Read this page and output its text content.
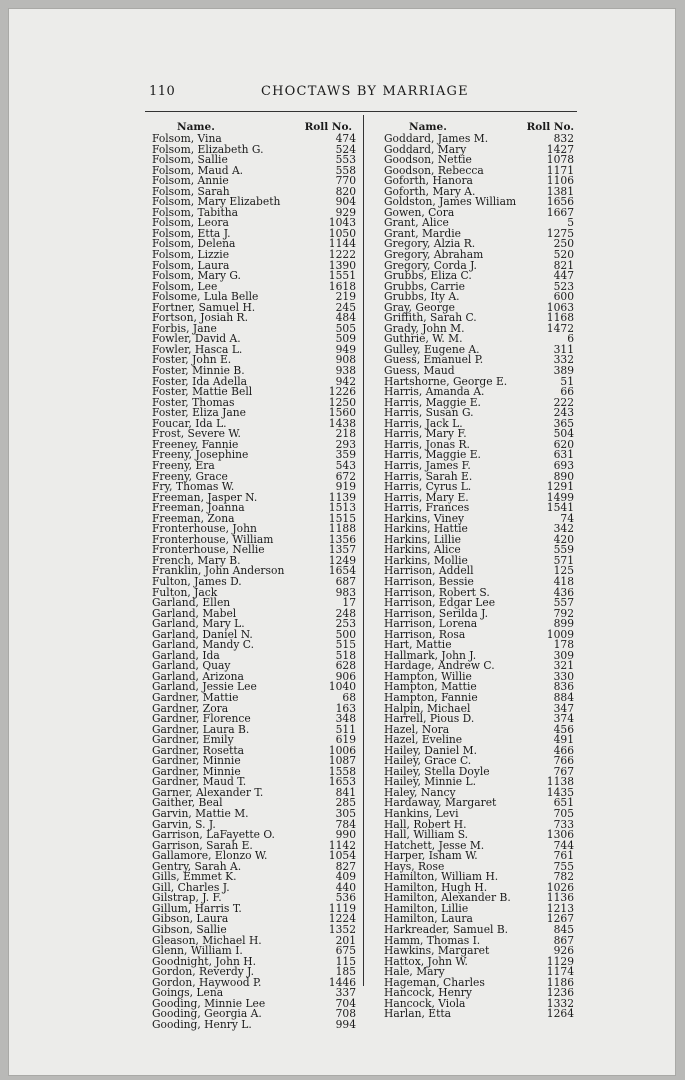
110	CHOCTAWS BY MARRIAGE
Name.	Roll No.
Folsom, Vina	474
Folsom, Elizabeth G.	524
Folsom, Sallie	553
Folsom, Maud A.	558
Folsom, Annie	770
Folsom, Sarah	820
Folsom, Mary Elizabeth	904
Folsom, Tabitha	929
Folsom, Leora	1043
Folsom, Etta J.	1050
Folsom, Delena	1144
Folsom, Lizzie	1222
Folsom, Laura	1390
Folsom, Mary G.	1551
Folsom, Lee	1618
Folsome, Lula Belle	219
Fortner, Samuel H.	245
Fortson, Josiah R.	484
Forbis, Jane	505
Fowler, David A.	509
Fowler, Hasca L.	949
Foster, John E.	908
Foster, Minnie B.	938
Foster, Ida Adella	942
Foster, Mattie Bell	1226
Foster, Thomas	1250
Foster, Eliza Jane	1560
Foucar, Ida L.	1438
Frost, Severe W.	218
Freeney, Fannie	293
Freeny, Josephine	359
Freeny, Era	543
Freeny, Grace	672
Fry, Thomas W.	919
Freeman, Jasper N.	1139
Freeman, Joanna	1513
Freeman, Zona	1515
Fronterhouse, John	1188
Fronterhouse, William	1356
Fronterhouse, Nellie	1357
French, Mary B.	1249
Franklin, John Anderson	1654
Fulton, James D.	687
Fulton, Jack	983
Garland, Ellen	17
Garland, Mabel	248
Garland, Mary L.	253
Garland, Daniel N.	500
Garland, Mandy C.	515
Garland, Ida	518
Garland, Quay	628
Garland, Arizona	906
Garland, Jessie Lee	1040
Gardner, Mattie	68
Gardner, Zora	163
Gardner, Florence	348
Gardner, Laura B.	511
Gardner, Emily	619
Gardner, Rosetta	1006
Gardner, Minnie	1087
Gardner, Minnie	1558
Gardner, Maud T.	1653
Garner, Alexander T.	841
Gaither, Beal	285
Garvin, Mattie M.	305
Garvin, S. J.	784
Garrison, LaFayette O.	990
Garrison, Sarah E.	1142
Gallamore, Elonzo W.	1054
Gentry, Sarah A.	827
Gills, Emmet K.	409
Gill, Charles J.	440
Gilstrap, J. F.	536
Gillum, Harris T.	1119
Gibson, Laura	1224
Gibson, Sallie	1352
Gleason, Michael H.	201
Glenn, William I.	675
Goodnight, John H.	115
Gordon, Reverdy J.	185
Gordon, Haywood P.	1446
Goings, Lena	337
Gooding, Minnie Lee	704
Gooding, Georgia A.	708
Gooding, Henry L.	994
Name.	Roll No.
Goddard, James M.	832
Goddard, Mary	1427
Goodson, Nettie	1078
Goodson, Rebecca	1171
Goforth, Hanora	1106
Goforth, Mary A.	1381
Goldston, James William	1656
Gowen, Cora	1667
Grant, Alice	5
Grant, Mardie	1275
Gregory, Alzia R.	250
Gregory, Abraham	520
Gregory, Corda J.	821
Grubbs, Eliza C.	447
Grubbs, Carrie	523
Grubbs, Ity A.	600
Gray, George	1063
Griffith, Sarah C.	1168
Grady, John M.	1472
Guthrie, W. M.	6
Gulley, Eugene A.	311
Guess, Emanuel P.	332
Guess, Maud	389
Hartshorne, George E.	51
Harris, Amanda A.	66
Harris, Maggie E.	222
Harris, Susan G.	243
Harris, Jack L.	365
Harris, Mary F.	504
Harris, Jonas R.	620
Harris, Maggie E.	631
Harris, James F.	693
Harris, Sarah E.	890
Harris, Cyrus L.	1291
Harris, Mary E.	1499
Harris, Frances	1541
Harkins, Viney	74
Harkins, Hattie	342
Harkins, Lillie	420
Harkins, Alice	559
Harkins, Mollie	571
Harrison, Addell	125
Harrison, Bessie	418
Harrison, Robert S.	436
Harrison, Edgar Lee	557
Harrison, Serilda J.	792
Harrison, Lorena	899
Harrison, Rosa	1009
Hart, Mattie	178
Hallmark, John J.	309
Hardage, Andrew C.	321
Hampton, Willie	330
Hampton, Mattie	836
Hampton, Fannie	884
Halpin, Michael	347
Harrell, Pious D.	374
Hazel, Nora	456
Hazel, Eveline	491
Hailey, Daniel M.	466
Hailey, Grace C.	766
Hailey, Stella Doyle	767
Hailey, Minnie L.	1138
Haley, Nancy	1435
Hardaway, Margaret	651
Hankins, Levi	705
Hall, Robert H.	733
Hall, William S.	1306
Hatchett, Jesse M.	744
Harper, Isham W.	761
Hays, Rose	755
Hamilton, William H.	782
Hamilton, Hugh H.	1026
Hamilton, Alexander B.	1136
Hamilton, Lillie	1213
Hamilton, Laura	1267
Harkreader, Samuel B.	845
Hamm, Thomas I.	867
Hawkins, Margaret	926
Hattox, John W.	1129
Hale, Mary	1174
Hageman, Charles	1186
Hancock, Henry	1236
Hancock, Viola	1332
Harlan, Etta	1264
